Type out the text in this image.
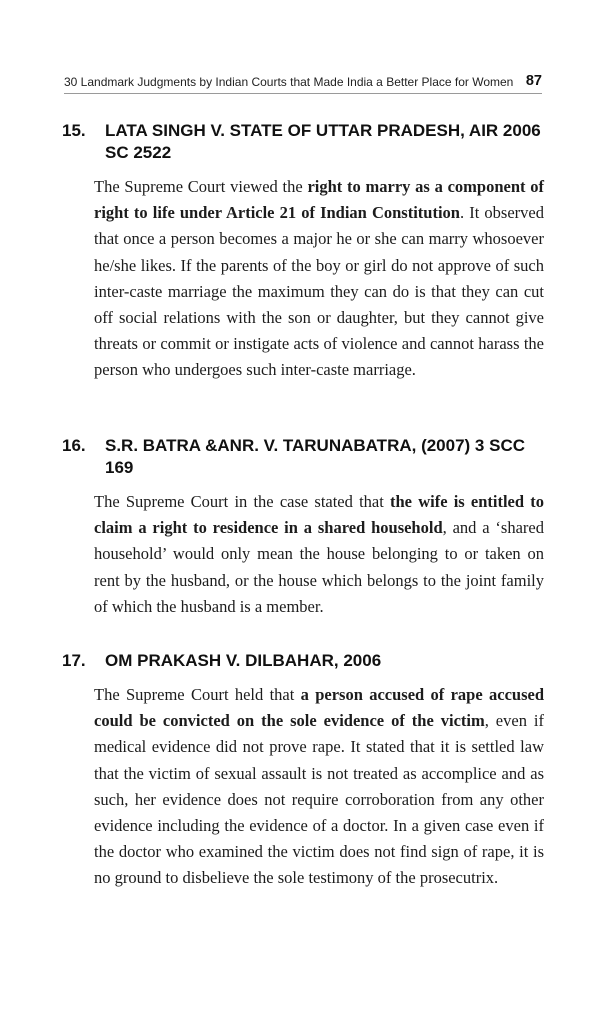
30 Landmark Judgments by Indian Courts that Made India a Better Place for Women 87
15. LATA SINGH V. STATE OF UTTAR PRADESH, AIR 2006 SC 2522

The Supreme Court viewed the right to marry as a component of right to life under Article 21 of Indian Constitution. It observed that once a person becomes a major he or she can marry whosoever he/she likes. If the parents of the boy or girl do not approve of such inter-caste marriage the maximum they can do is that they can cut off social relations with the son or daughter, but they cannot give threats or commit or instigate acts of violence and cannot harass the person who undergoes such inter-caste marriage.

16. S.R. BATRA &ANR. V. TARUNABATRA, (2007) 3 SCC 169

The Supreme Court in the case stated that the wife is entitled to claim a right to residence in a shared household, and a ‘shared household’ would only mean the house belonging to or taken on rent by the husband, or the house which belongs to the joint family of which the husband is a member.

17. OM PRAKASH V. DILBAHAR, 2006

The Supreme Court held that a person accused of rape accused could be convicted on the sole evidence of the victim, even if medical evidence did not prove rape. It stated that it is settled law that the victim of sexual assault is not treated as accomplice and as such, her evidence does not require corroboration from any other evidence including the evidence of a doctor. In a given case even if the doctor who examined the victim does not find sign of rape, it is no ground to disbelieve the sole testimony of the prosecutrix.
